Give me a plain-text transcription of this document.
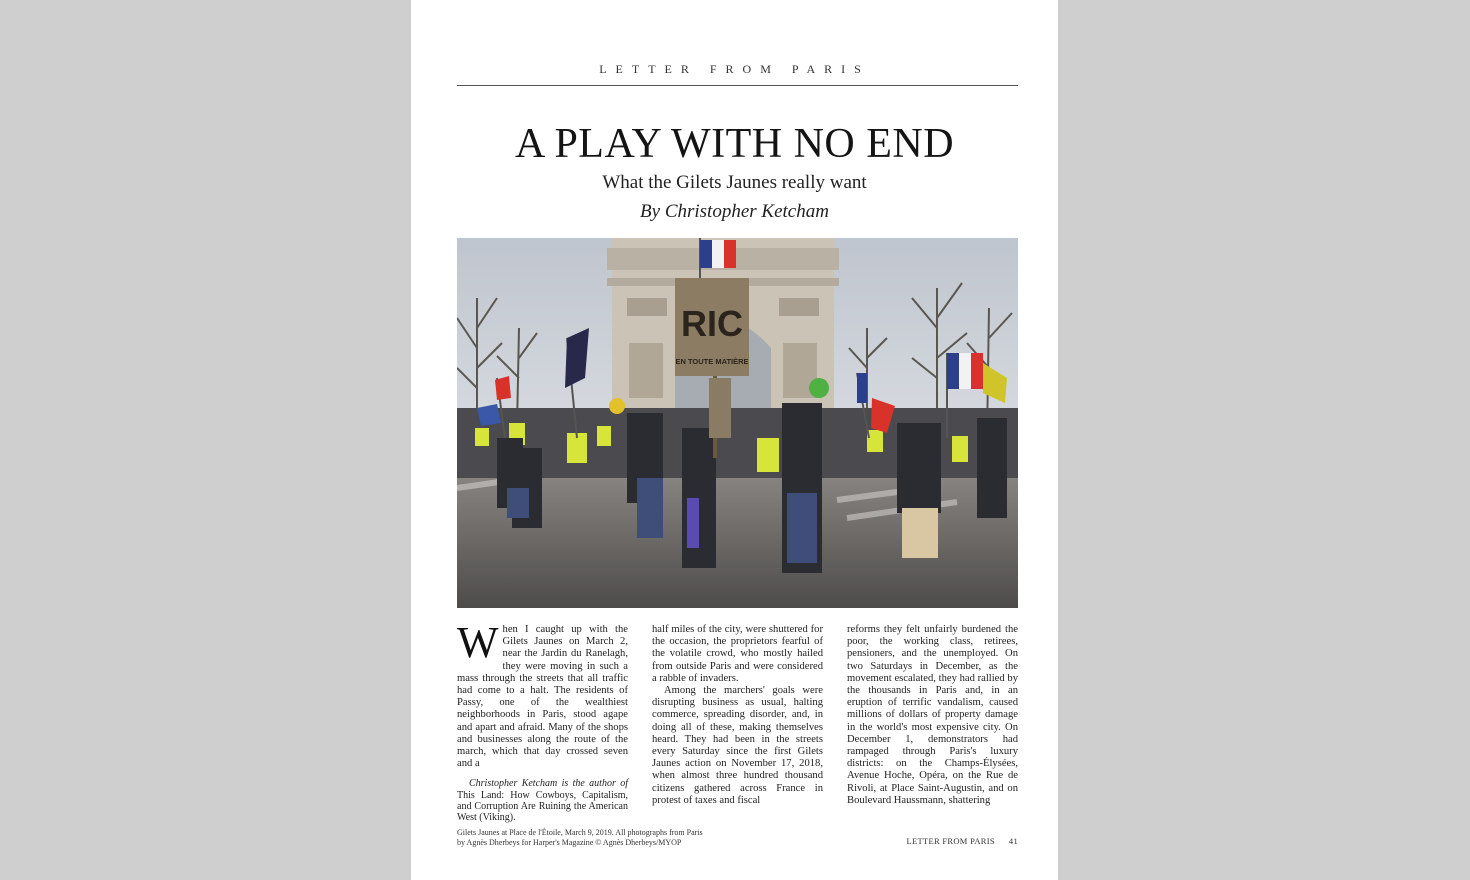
LETTER FROM PARIS
A PLAY WITH NO END
What the Gilets Jaunes really want
By Christopher Ketcham
RIC
EN TOUTE MATIÈRE

When I caught up with the Gilets Jaunes on March 2, near the Jardin du Ranelagh, they were moving in such a mass through the streets that all traffic had come to a halt. The residents of Passy, one of the wealthiest neighborhoods in Paris, stood agape and apart and afraid. Many of the shops and businesses along the route of the march, which that day crossed seven and a

Christopher Ketcham is the author of This Land: How Cowboys, Capitalism, and Corruption Are Ruining the American West (Viking).

half miles of the city, were shuttered for the occasion, the proprietors fearful of the volatile crowd, who mostly hailed from outside Paris and were considered a rabble of invaders.

Among the marchers' goals were disrupting business as usual, halting commerce, spreading disorder, and, in doing all of these, making themselves heard. They had been in the streets every Saturday since the first Gilets Jaunes action on November 17, 2018, when almost three hundred thousand citizens gathered across France in protest of taxes and fiscal

reforms they felt unfairly burdened the poor, the working class, retirees, pensioners, and the unemployed. On two Saturdays in December, as the movement escalated, they had rallied by the thousands in Paris and, in an eruption of terrific vandalism, caused millions of dollars of property damage in the world's most expensive city. On December 1, demonstrators had rampaged through Paris's luxury districts: on the Champs-Élysées, Avenue Hoche, Opéra, on the Rue de Rivoli, at Place Saint-Augustin, and on Boulevard Haussmann, shattering

Gilets Jaunes at Place de l'Étoile, March 9, 2019. All photographs from Paris

by Agnès Dherbeys for Harper's Magazine © Agnès Dherbeys/MYOP	LETTER FROM PARIS 41
